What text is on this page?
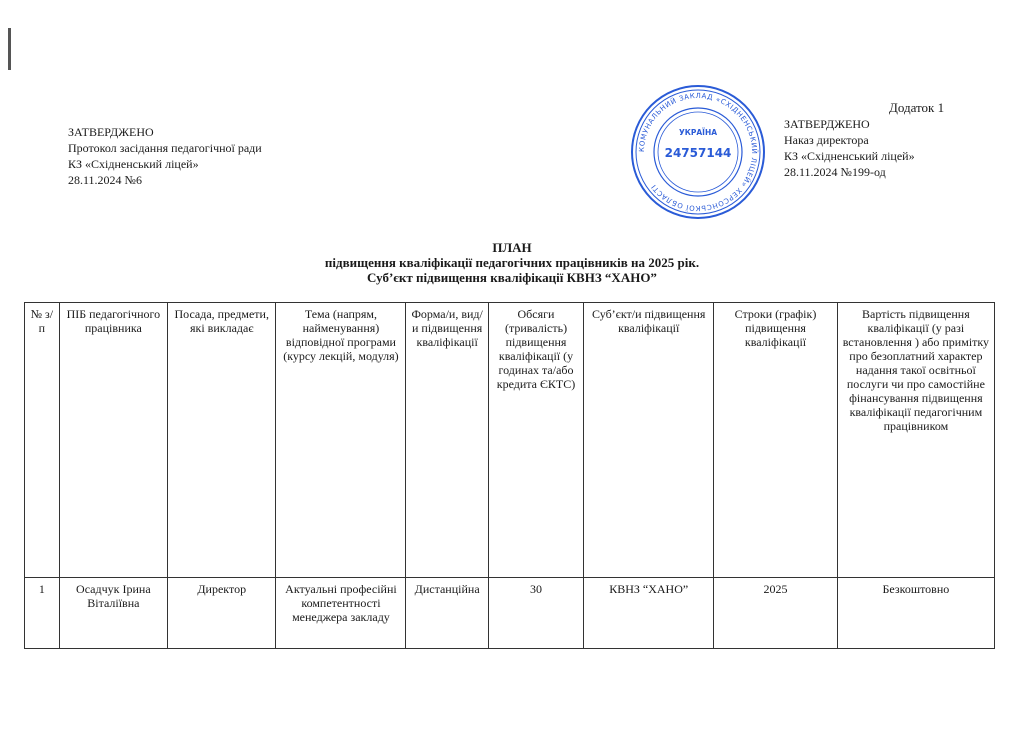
Додаток 1
ЗАТВЕРДЖЕНО
Протокол засідання педагогічної ради
КЗ «Східненський ліцей»
28.11.2024 №6
КОМУНАЛЬНИЙ ЗАКЛАД «СХІДНЕНСЬКИЙ ЛІЦЕЙ» ХЕРСОНСЬКОЇ ОБЛАСТІ
УКРАЇНА
24757144
ЗАТВЕРДЖЕНО
Наказ директора
КЗ «Східненський ліцей»
28.11.2024 №199-од
ПЛАН
підвищення кваліфікації педагогічних працівників на 2025 рік.
Суб’єкт підвищення кваліфікації КВНЗ “ХАНО”
№ з/п	ПІБ педагогічного працівника	Посада, предмети, які викладає	Тема (напрям, найменування) відповідної програми (курсу лекцій, модуля)	Форма/и, вид/и підвищення кваліфікації	Обсяги (тривалість) підвищення кваліфікації (у годинах та/або кредита ЄКТС)	Суб’єкт/и підвищення кваліфікації	Строки (графік) підвищення кваліфікації	Вартість підвищення кваліфікації (у разі встановлення ) або примітку про безоплатний характер надання такої освітньої послуги чи про самостійне фінансування підвищення кваліфікації педагогічним працівником
1	Осадчук Ірина Віталіївна	Директор	Актуальні професійні компетентності менеджера закладу	Дистанційна	30	КВНЗ “ХАНО”	2025	Безкоштовно
